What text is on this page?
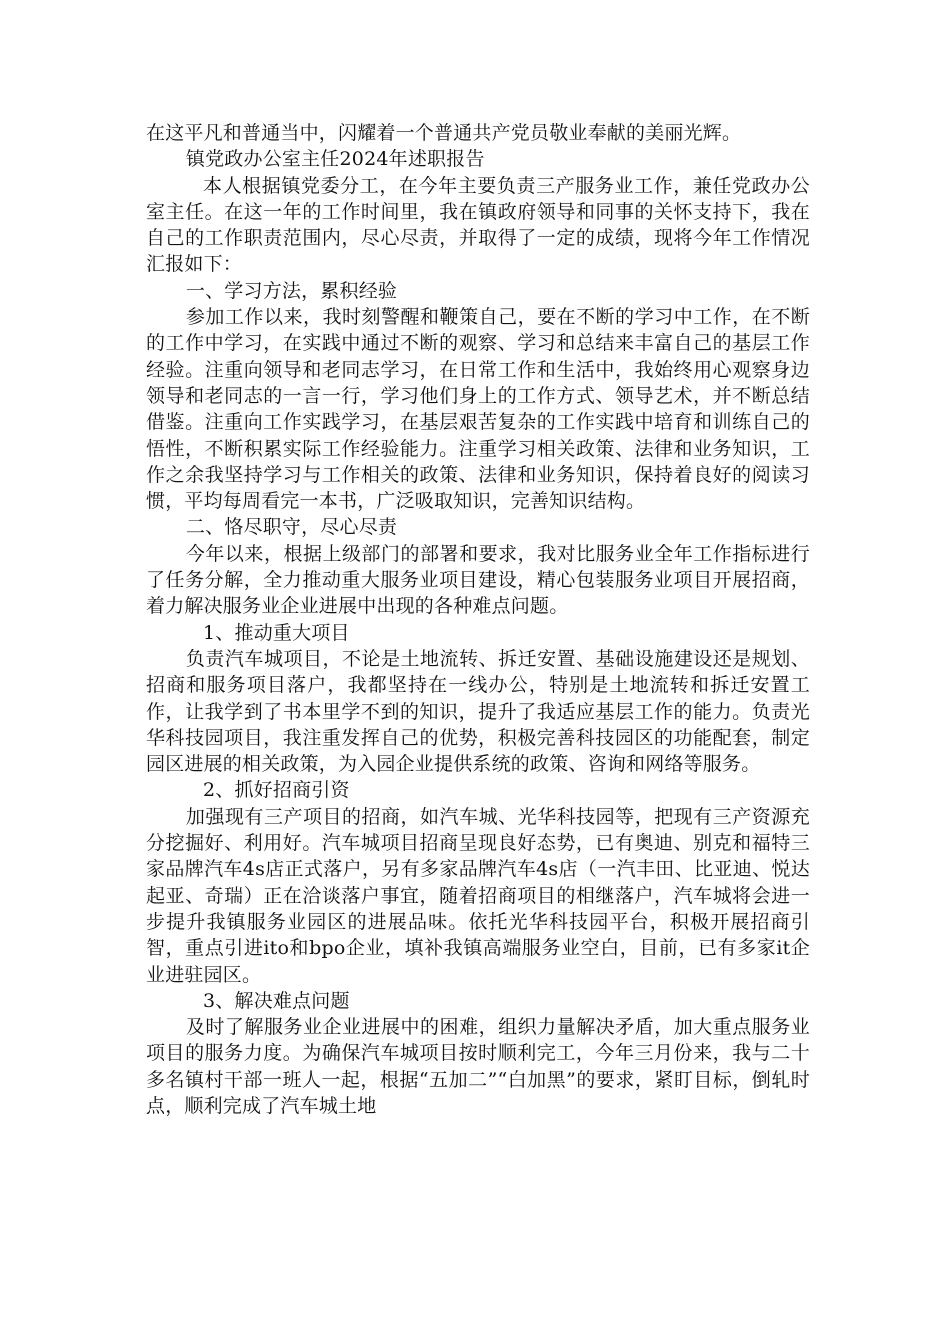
在这平凡和普通当中，闪耀着一个普通共产党员敬业奉献的美丽光辉。

镇党政办公室主任2024年述职报告

本人根据镇党委分工，在今年主要负责三产服务业工作，兼任党政办公室主任。在这一年的工作时间里，我在镇政府领导和同事的关怀支持下，我在自己的工作职责范围内，尽心尽责，并取得了一定的成绩，现将今年工作情况汇报如下：

一、学习方法，累积经验

参加工作以来，我时刻警醒和鞭策自己，要在不断的学习中工作，在不断的工作中学习，在实践中通过不断的观察、学习和总结来丰富自己的基层工作经验。注重向领导和老同志学习，在日常工作和生活中，我始终用心观察身边领导和老同志的一言一行，学习他们身上的工作方式、领导艺术，并不断总结借鉴。注重向工作实践学习，在基层艰苦复杂的工作实践中培育和训练自己的悟性，不断积累实际工作经验能力。注重学习相关政策、法律和业务知识，工作之余我坚持学习与工作相关的政策、法律和业务知识，保持着良好的阅读习惯，平均每周看完一本书，广泛吸取知识，完善知识结构。

二、恪尽职守，尽心尽责

今年以来，根据上级部门的部署和要求，我对比服务业全年工作指标进行了任务分解，全力推动重大服务业项目建设，精心包装服务业项目开展招商，着力解决服务业企业进展中出现的各种难点问题。

1、推动重大项目

负责汽车城项目，不论是土地流转、拆迁安置、基础设施建设还是规划、招商和服务项目落户，我都坚持在一线办公，特别是土地流转和拆迁安置工作，让我学到了书本里学不到的知识，提升了我适应基层工作的能力。负责光华科技园项目，我注重发挥自己的优势，积极完善科技园区的功能配套，制定园区进展的相关政策，为入园企业提供系统的政策、咨询和网络等服务。

2、抓好招商引资

加强现有三产项目的招商，如汽车城、光华科技园等，把现有三产资源充分挖掘好、利用好。汽车城项目招商呈现良好态势，已有奥迪、别克和福特三家品牌汽车4s店正式落户，另有多家品牌汽车4s店（一汽丰田、比亚迪、悦达起亚、奇瑞）正在洽谈落户事宜，随着招商项目的相继落户，汽车城将会进一步提升我镇服务业园区的进展品味。依托光华科技园平台，积极开展招商引智，重点引进ito和bpo企业，填补我镇高端服务业空白，目前，已有多家it企业进驻园区。

3、解决难点问题

及时了解服务业企业进展中的困难，组织力量解决矛盾，加大重点服务业项目的服务力度。为确保汽车城项目按时顺利完工，今年三月份来，我与二十多名镇村干部一班人一起，根据“五加二”“白加黑”的要求，紧盯目标，倒轧时点，顺利完成了汽车城土地
